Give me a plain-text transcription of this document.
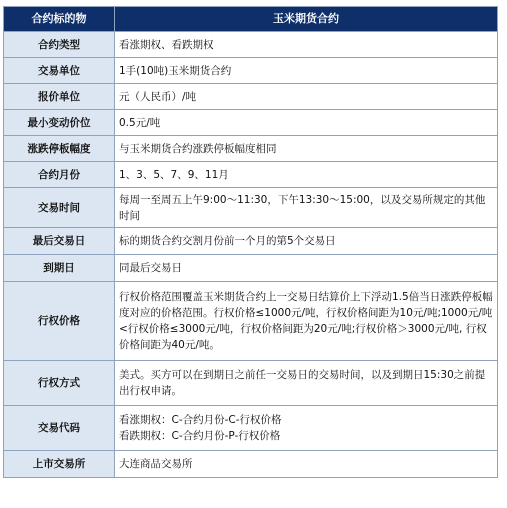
合约标的物	玉米期货合约
合约类型	看涨期权、看跌期权
交易单位	1手(10吨)玉米期货合约
报价单位	元（人民币）/吨
最小变动价位	0.5元/吨
涨跌停板幅度	与玉米期货合约涨跌停板幅度相同
合约月份	1、3、5、7、9、11月
交易时间	每周一至周五上午9:00～11:30，下午13:30～15:00，以及交易所规定的其他时间
最后交易日	标的期货合约交割月份前一个月的第5个交易日
到期日	同最后交易日
行权价格	行权价格范围覆盖玉米期货合约上一交易日结算价上下浮动1.5倍当日涨跌停板幅度对应的价格范围。行权价格≤1000元/吨，行权价格间距为10元/吨;1000元/吨<行权价格≤3000元/吨，行权价格间距为20元/吨;行权价格＞3000元/吨, 行权价格间距为40元/吨。
行权方式	美式。买方可以在到期日之前任一交易日的交易时间，以及到期日15:30之前提出行权申请。
交易代码	看涨期权：C-合约月份-C-行权价格
看跌期权：C-合约月份-P-行权价格

上市交易所	大连商品交易所
